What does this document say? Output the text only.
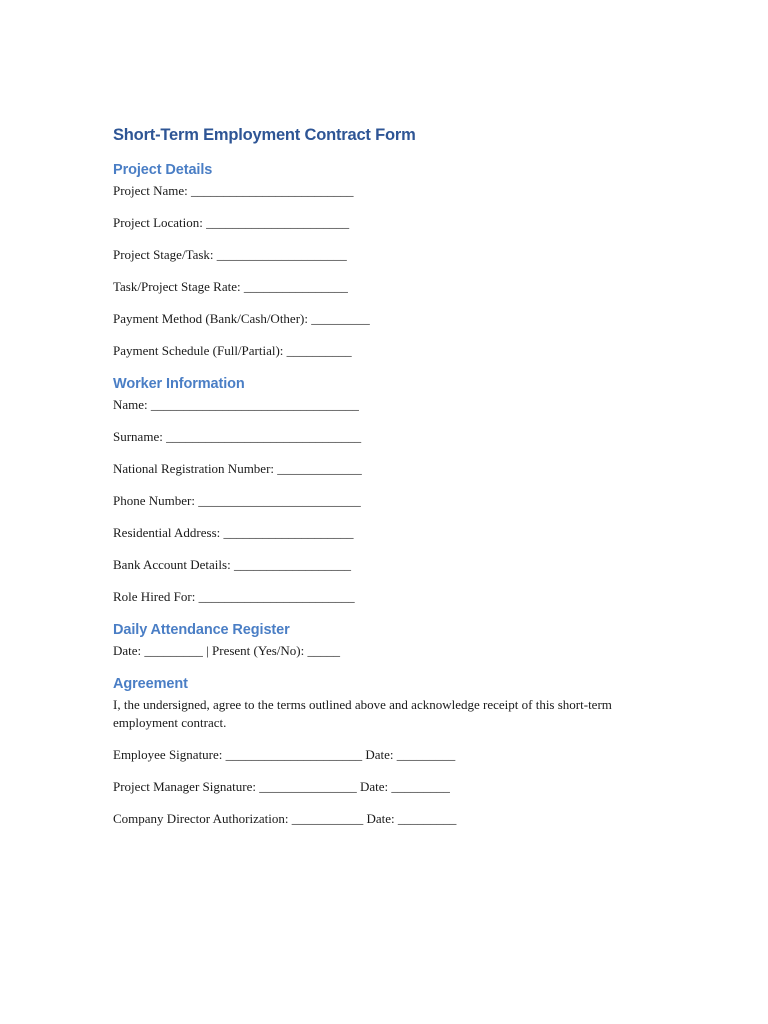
Short-Term Employment Contract Form
Project Details

Project Name: _________________________

Project Location: ______________________

Project Stage/Task: ____________________

Task/Project Stage Rate: ________________

Payment Method (Bank/Cash/Other): _________

Payment Schedule (Full/Partial): __________

Worker Information

Name: ________________________________

Surname: ______________________________

National Registration Number: _____________

Phone Number: _________________________

Residential Address: ____________________

Bank Account Details: __________________

Role Hired For: ________________________

Daily Attendance Register

Date: _________ | Present (Yes/No): _____

Agreement

I, the undersigned, agree to the terms outlined above and acknowledge receipt of this short-term employment contract.

Employee Signature: _____________________ Date: _________

Project Manager Signature: _______________ Date: _________

Company Director Authorization: ___________ Date: _________
